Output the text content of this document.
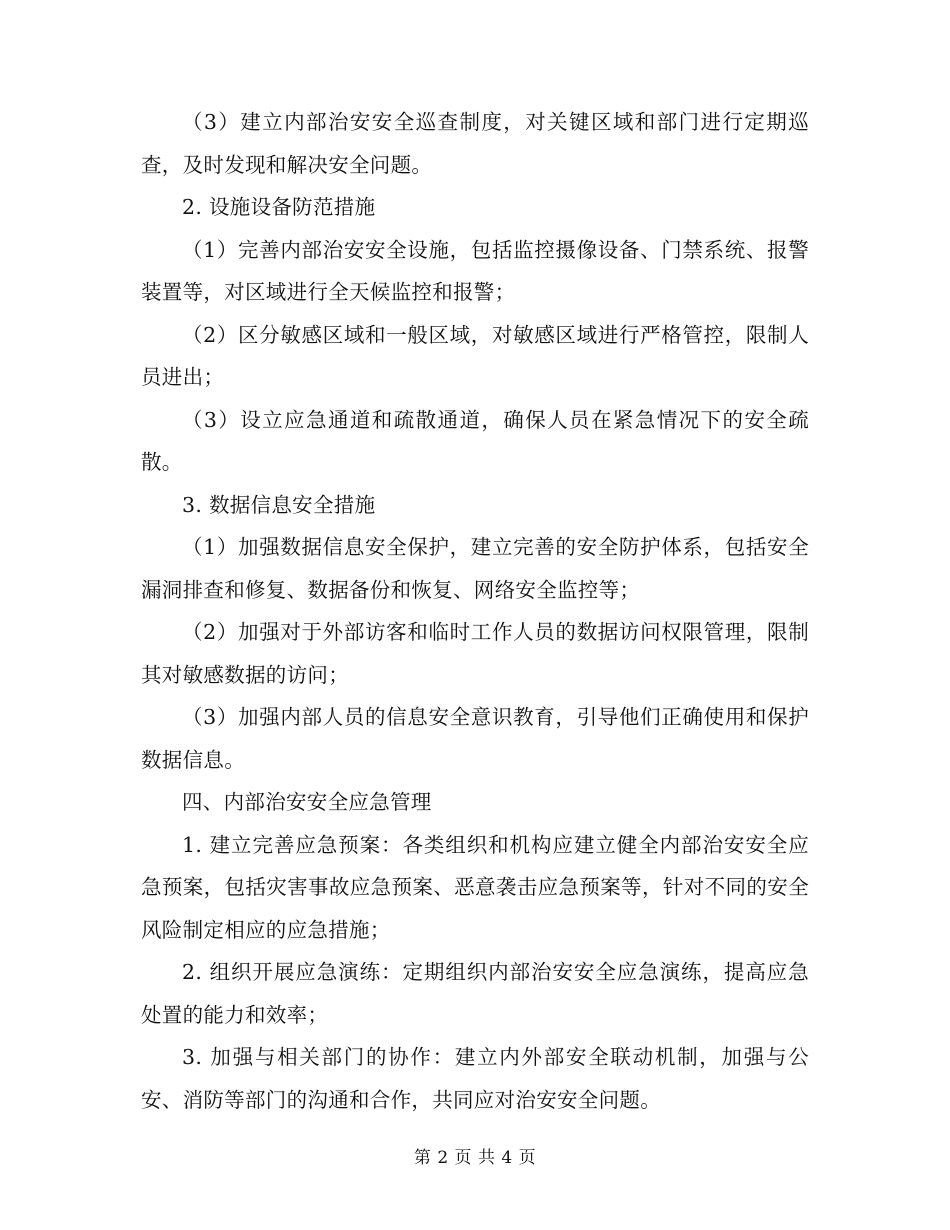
（3）建立内部治安安全巡查制度，对关键区域和部门进行定期巡查，及时发现和解决安全问题。

2. 设施设备防范措施

（1）完善内部治安安全设施，包括监控摄像设备、门禁系统、报警装置等，对区域进行全天候监控和报警；

（2）区分敏感区域和一般区域，对敏感区域进行严格管控，限制人员进出；

（3）设立应急通道和疏散通道，确保人员在紧急情况下的安全疏散。

3. 数据信息安全措施

（1）加强数据信息安全保护，建立完善的安全防护体系，包括安全漏洞排查和修复、数据备份和恢复、网络安全监控等；

（2）加强对于外部访客和临时工作人员的数据访问权限管理，限制其对敏感数据的访问；

（3）加强内部人员的信息安全意识教育，引导他们正确使用和保护数据信息。

四、内部治安安全应急管理

1. 建立完善应急预案：各类组织和机构应建立健全内部治安安全应急预案，包括灾害事故应急预案、恶意袭击应急预案等，针对不同的安全风险制定相应的应急措施；

2. 组织开展应急演练：定期组织内部治安安全应急演练，提高应急处置的能力和效率；

3. 加强与相关部门的协作：建立内外部安全联动机制，加强与公安、消防等部门的沟通和合作，共同应对治安安全问题。

第 2 页 共 4 页
